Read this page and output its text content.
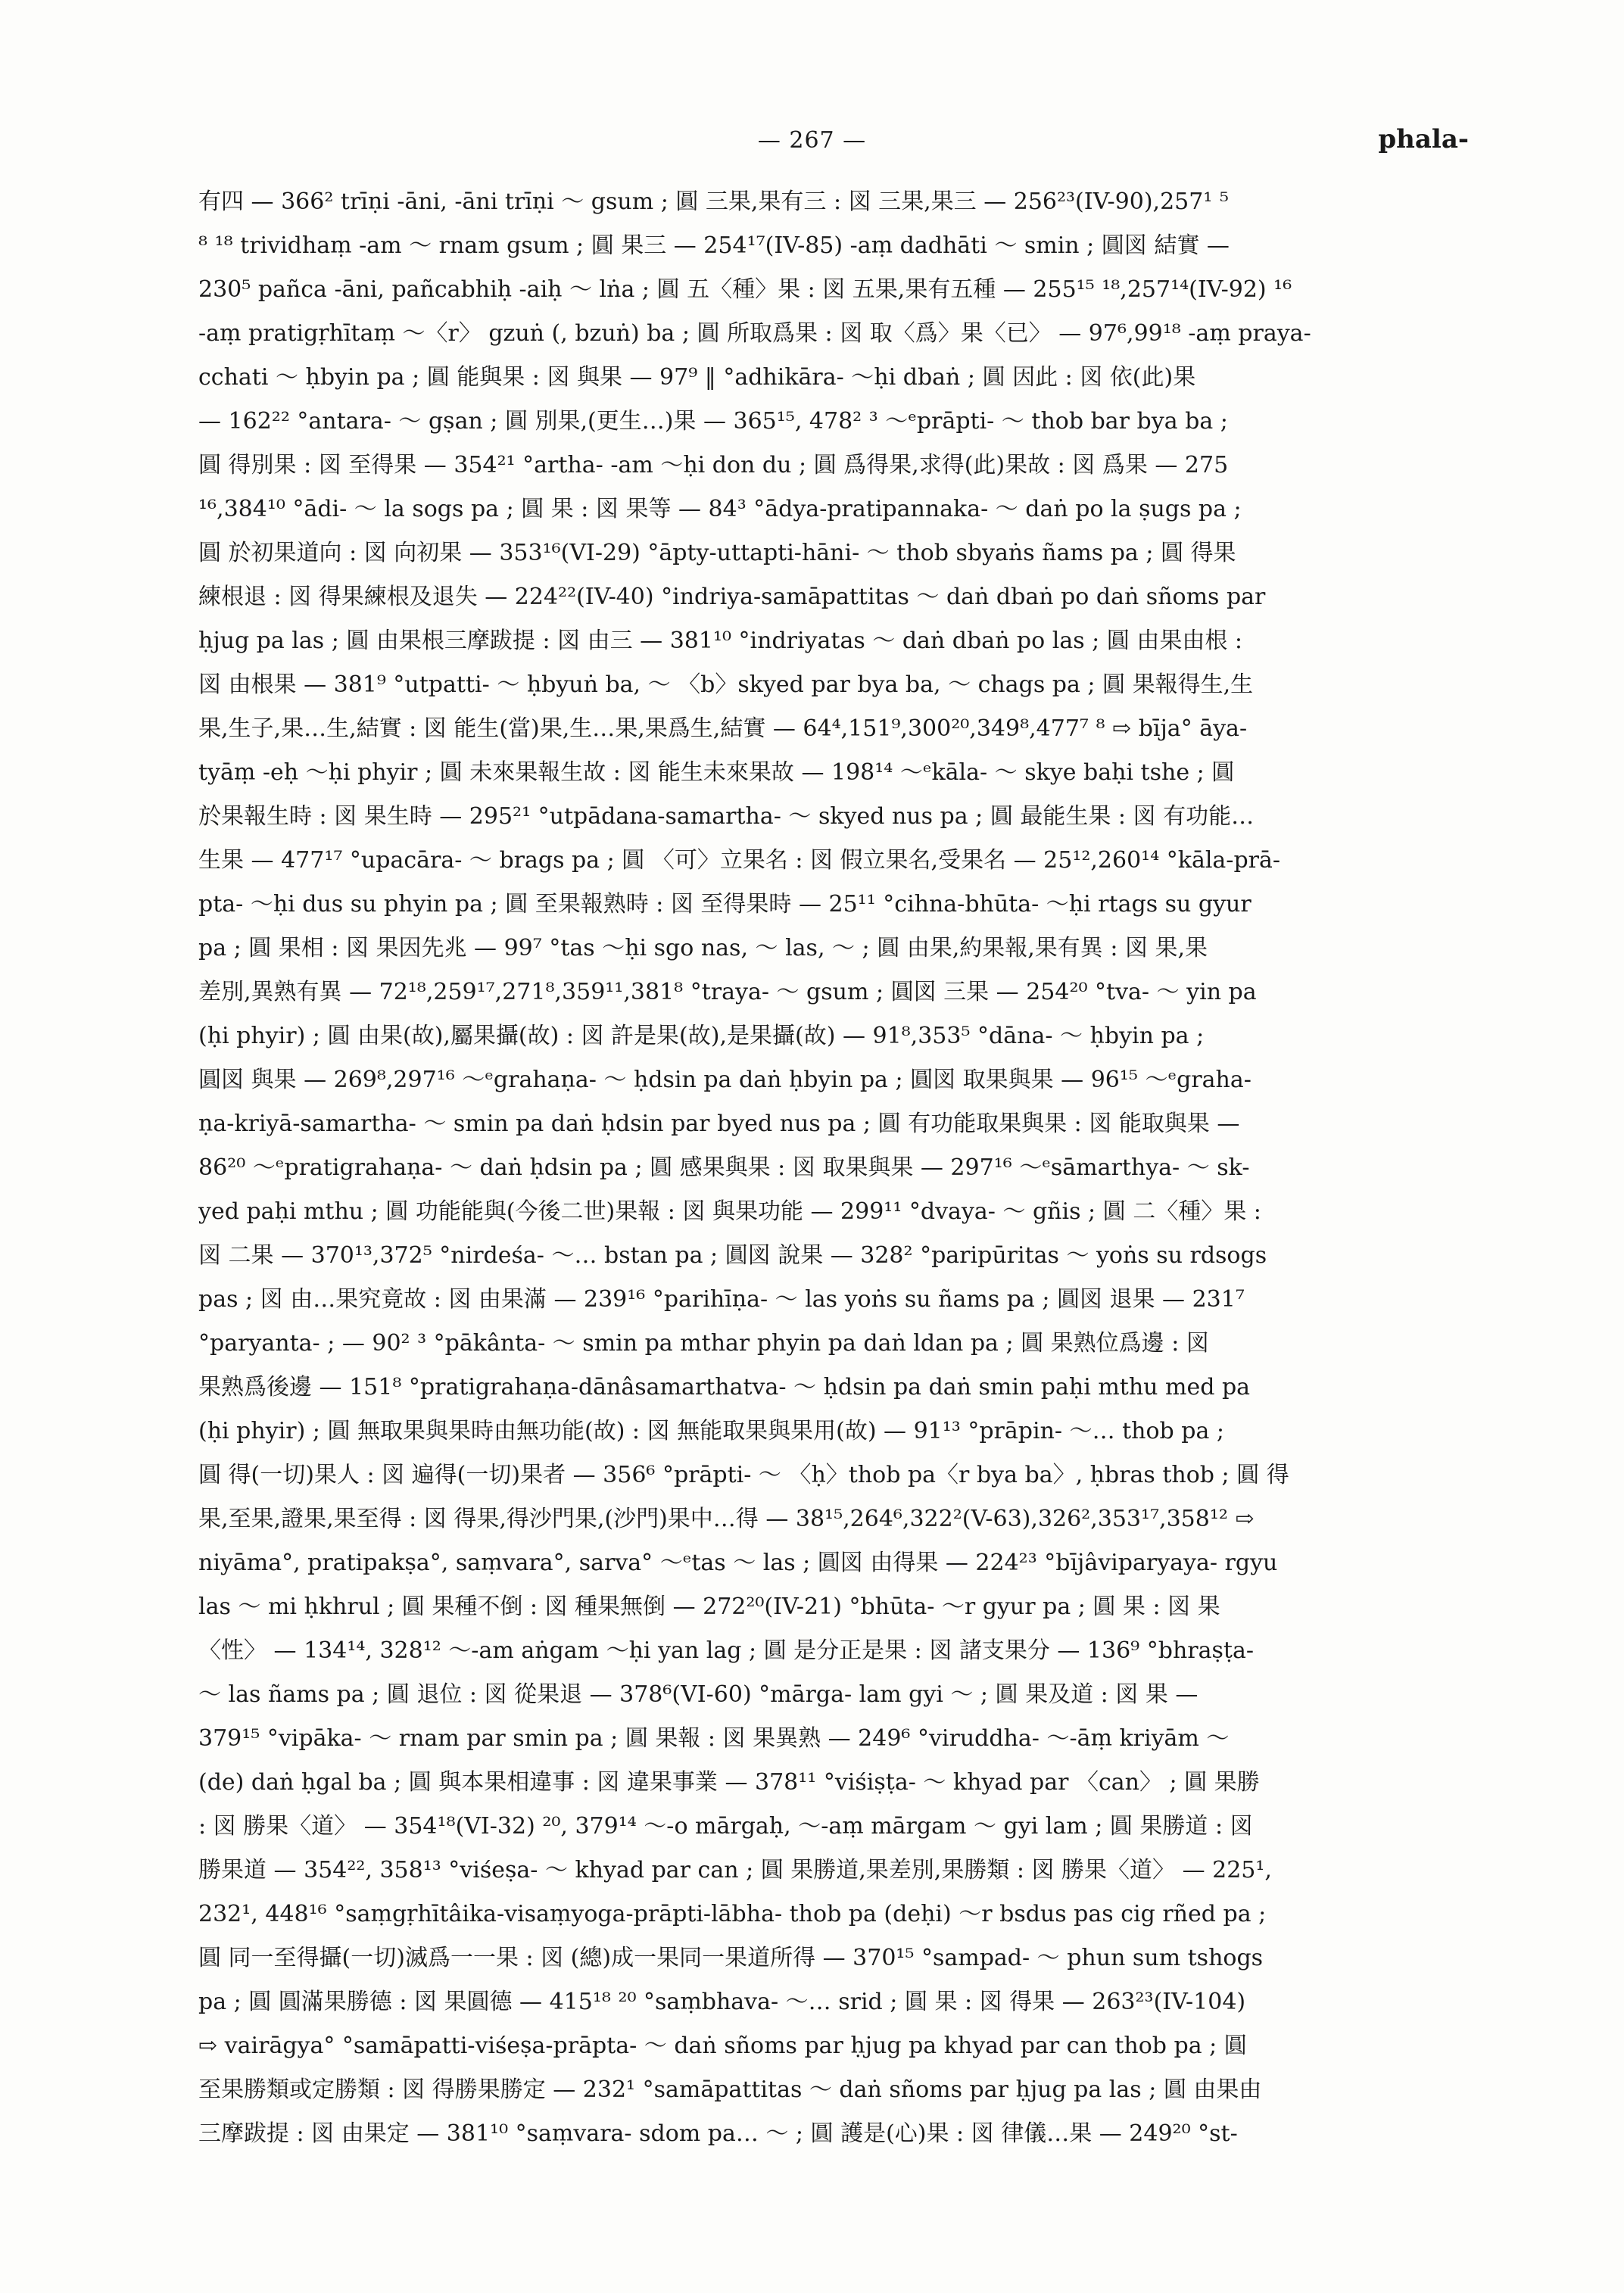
— 267 —	phala-
有四 — 366² trīṇi -āni, -āni trīṇi ～ gsum ; 圓 三果,果有三 : 図 三果,果三 — 256²³(IV-90),257¹ ⁵
⁸ ¹⁸ trividhaṃ -am ～ rnam gsum ; 圓 果三 — 254¹⁷(IV-85) -aṃ dadhāti ～ smin ; 圓図 結實 —
230⁵ pañca -āni, pañcabhiḥ -aiḥ ～ lṅa ; 圓 五〈種〉果 : 図 五果,果有五種 — 255¹⁵ ¹⁸,257¹⁴(IV-92) ¹⁶
-aṃ pratigṛhītaṃ ～〈r〉 gzuṅ (, bzuṅ) ba ; 圓 所取爲果 : 図 取〈爲〉果〈已〉 — 97⁶,99¹⁸ -aṃ praya-
cchati ～ ḥbyin pa ; 圓 能與果 : 図 與果 — 97⁹ ‖ °adhikāra- ～ḥi dbaṅ ; 圓 因此 : 図 依(此)果
— 162²² °antara- ～ gṣan ; 圓 別果,(更生…)果 — 365¹⁵, 478² ³ ～ᵉprāpti- ～ thob bar bya ba ;
圓 得別果 : 図 至得果 — 354²¹ °artha- -am ～ḥi don du ; 圓 爲得果,求得(此)果故 : 図 爲果 — 275
¹⁶,384¹⁰ °ādi- ～ la sogs pa ; 圓 果 : 図 果等 — 84³ °ādya-pratipannaka- ～ daṅ po la ṣugs pa ;
圓 於初果道向 : 図 向初果 — 353¹⁶(VI-29) °āpty-uttapti-hāni- ～ thob sbyaṅs ñams pa ; 圓 得果
練根退 : 図 得果練根及退失 — 224²²(IV-40) °indriya-samāpattitas ～ daṅ dbaṅ po daṅ sñoms par
ḥjug pa las ; 圓 由果根三摩跋提 : 図 由三 — 381¹⁰ °indriyatas ～ daṅ dbaṅ po las ; 圓 由果由根 :
図 由根果 — 381⁹ °utpatti- ～ ḥbyuṅ ba, ～ 〈b〉skyed par bya ba, ～ chags pa ; 圓 果報得生,生
果,生子,果…生,結實 : 図 能生(當)果,生…果,果爲生,結實 — 64⁴,151⁹,300²⁰,349⁸,477⁷ ⁸ ⇨ bīja° āya-
tyāṃ -eḥ ～ḥi phyir ; 圓 未來果報生故 : 図 能生未來果故 — 198¹⁴ ～ᵉkāla- ～ skye baḥi tshe ; 圓
於果報生時 : 図 果生時 — 295²¹ °utpādana-samartha- ～ skyed nus pa ; 圓 最能生果 : 図 有功能…
生果 — 477¹⁷ °upacāra- ～ brags pa ; 圓 〈可〉立果名 : 図 假立果名,受果名 — 25¹²,260¹⁴ °kāla-prā-
pta- ～ḥi dus su phyin pa ; 圓 至果報熟時 : 図 至得果時 — 25¹¹ °cihna-bhūta- ～ḥi rtags su gyur
pa ; 圓 果相 : 図 果因先兆 — 99⁷ °tas ～ḥi sgo nas, ～ las, ～ ; 圓 由果,約果報,果有異 : 図 果,果
差別,異熟有異 — 72¹⁸,259¹⁷,271⁸,359¹¹,381⁸ °traya- ～ gsum ; 圓図 三果 — 254²⁰ °tva- ～ yin pa
(ḥi phyir) ; 圓 由果(故),屬果攝(故) : 図 許是果(故),是果攝(故) — 91⁸,353⁵ °dāna- ～ ḥbyin pa ;
圓図 與果 — 269⁸,297¹⁶ ～ᵉgrahaṇa- ～ ḥdsin pa daṅ ḥbyin pa ; 圓図 取果與果 — 96¹⁵ ～ᵉgraha-
ṇa-kriyā-samartha- ～ smin pa daṅ ḥdsin par byed nus pa ; 圓 有功能取果與果 : 図 能取與果 —
86²⁰ ～ᵉpratigrahaṇa- ～ daṅ ḥdsin pa ; 圓 感果與果 : 図 取果與果 — 297¹⁶ ～ᵉsāmarthya- ～ sk-
yed paḥi mthu ; 圓 功能能與(今後二世)果報 : 図 與果功能 — 299¹¹ °dvaya- ～ gñis ; 圓 二〈種〉果 :
図 二果 — 370¹³,372⁵ °nirdeśa- ～… bstan pa ; 圓図 說果 — 328² °paripūritas ～ yoṅs su rdsogs
pas ; 図 由…果究竟故 : 図 由果滿 — 239¹⁶ °parihīṇa- ～ las yoṅs su ñams pa ; 圓図 退果 — 231⁷
°paryanta- ; — 90² ³ °pākânta- ～ smin pa mthar phyin pa daṅ ldan pa ; 圓 果熟位爲邊 : 図
果熟爲後邊 — 151⁸ °pratigrahaṇa-dānâsamarthatva- ～ ḥdsin pa daṅ smin paḥi mthu med pa
(ḥi phyir) ; 圓 無取果與果時由無功能(故) : 図 無能取果與果用(故) — 91¹³ °prāpin- ～… thob pa ;
圓 得(一切)果人 : 図 遍得(一切)果者 — 356⁶ °prāpti- ～ 〈ḥ〉thob pa〈r bya ba〉, ḥbras thob ; 圓 得
果,至果,證果,果至得 : 図 得果,得沙門果,(沙門)果中…得 — 38¹⁵,264⁶,322²(V-63),326²,353¹⁷,358¹² ⇨
niyāma°, pratipakṣa°, saṃvara°, sarva° ～ᵉtas ～ las ; 圓図 由得果 — 224²³ °bījâviparyaya- rgyu
las ～ mi ḥkhrul ; 圓 果種不倒 : 図 種果無倒 — 272²⁰(IV-21) °bhūta- ～r gyur pa ; 圓 果 : 図 果
〈性〉 — 134¹⁴, 328¹² ～-am aṅgam ～ḥi yan lag ; 圓 是分正是果 : 図 諸支果分 — 136⁹ °bhraṣṭa-
～ las ñams pa ; 圓 退位 : 図 從果退 — 378⁶(VI-60) °mārga- lam gyi ～ ; 圓 果及道 : 図 果 —
379¹⁵ °vipāka- ～ rnam par smin pa ; 圓 果報 : 図 果異熟 — 249⁶ °viruddha- ～-āṃ kriyām ～
(de) daṅ ḥgal ba ; 圓 與本果相違事 : 図 違果事業 — 378¹¹ °viśiṣṭa- ～ khyad par 〈can〉 ; 圓 果勝
: 図 勝果〈道〉 — 354¹⁸(VI-32) ²⁰, 379¹⁴ ～-o mārgaḥ, ～-aṃ mārgam ～ gyi lam ; 圓 果勝道 : 図
勝果道 — 354²², 358¹³ °viśeṣa- ～ khyad par can ; 圓 果勝道,果差別,果勝類 : 図 勝果〈道〉 — 225¹,
232¹, 448¹⁶ °saṃgṛhītâika-visaṃyoga-prāpti-lābha- thob pa (deḥi) ～r bsdus pas cig rñed pa ;
圓 同一至得攝(一切)滅爲一一果 : 図 (總)成一果同一果道所得 — 370¹⁵ °sampad- ～ phun sum tshogs
pa ; 圓 圓滿果勝德 : 図 果圓德 — 415¹⁸ ²⁰ °saṃbhava- ～… srid ; 圓 果 : 図 得果 — 263²³(IV-104)
⇨ vairāgya° °samāpatti-viśeṣa-prāpta- ～ daṅ sñoms par ḥjug pa khyad par can thob pa ; 圓
至果勝類或定勝類 : 図 得勝果勝定 — 232¹ °samāpattitas ～ daṅ sñoms par ḥjug pa las ; 圓 由果由
三摩跋提 : 図 由果定 — 381¹⁰ °saṃvara- sdom pa… ～ ; 圓 護是(心)果 : 図 律儀…果 — 249²⁰ °st-
